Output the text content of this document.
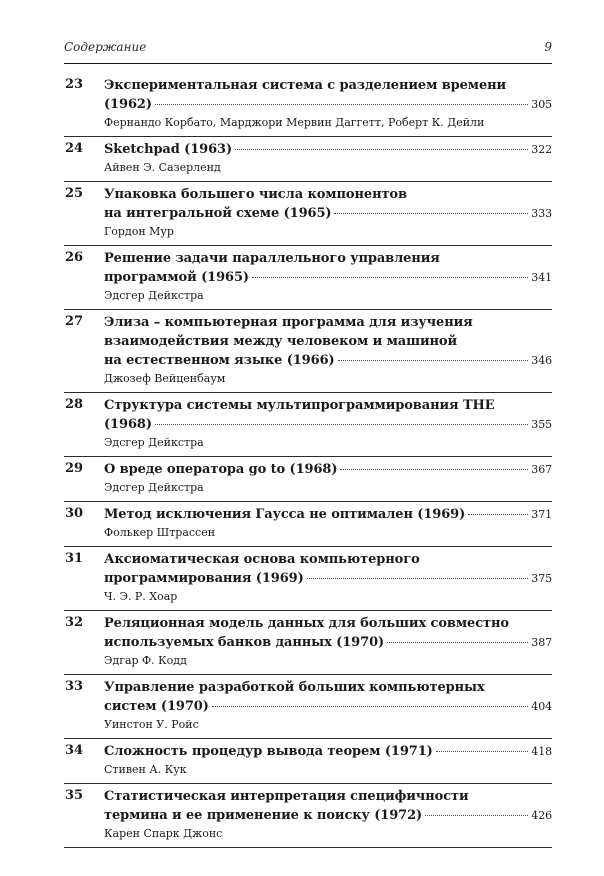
Содержание	9
23 Экспериментальная система с разделением времени
(1962)	305
Фернандо Корбато, Марджори Мервин Даггетт, Роберт К. Дейли
24 Sketchpad (1963)	322
Айвен Э. Сазерленд
25 Упаковка большего числа компонентов
на интегральной схеме (1965)	333
Гордон Мур
26 Решение задачи параллельного управления
программой (1965)	341
Эдсгер Дейкстра
27 Элиза – компьютерная программа для изучения
взаимодействия между человеком и машиной
на естественном языке (1966)	346
Джозеф Вейценбаум
28 Структура системы мультипрограммирования THE
(1968)	355
Эдсгер Дейкстра
29 О вреде оператора go to (1968)	367
Эдсгер Дейкстра
30 Метод исключения Гаусса не оптимален (1969)	371
Фолькер Штрассен
31 Аксиоматическая основа компьютерного
программирования (1969)	375
Ч. Э. Р. Хоар
32 Реляционная модель данных для больших совместно
используемых банков данных (1970)	387
Эдгар Ф. Кодд
33 Управление разработкой больших компьютерных
систем (1970)	404
Уинстон У. Ройс
34 Сложность процедур вывода теорем (1971)	418
Стивен А. Кук
35 Статистическая интерпретация специфичности
термина и ее применение к поиску (1972)	426
Карен Спарк Джонс
